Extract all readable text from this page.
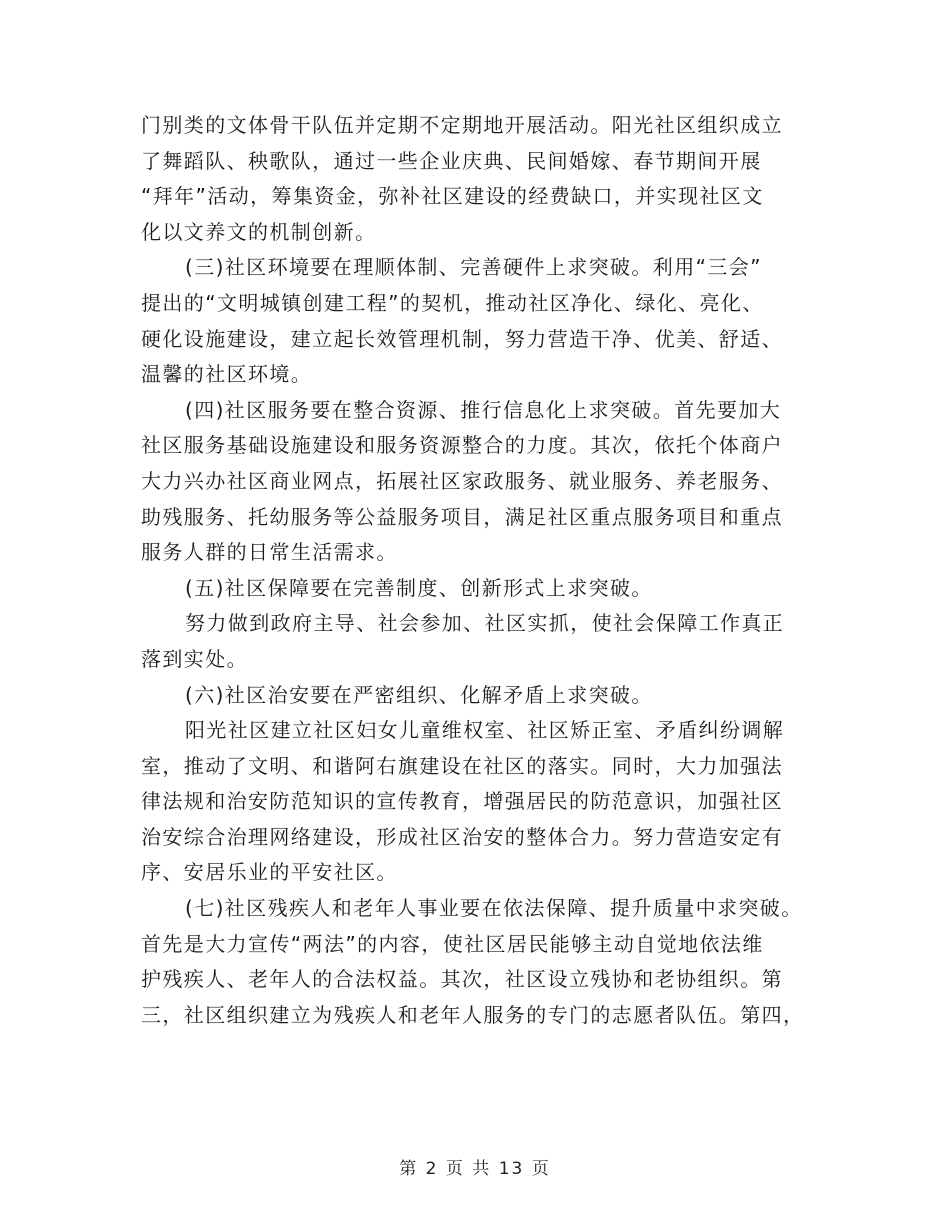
门别类的文体骨干队伍并定期不定期地开展活动。阳光社区组织成立
了舞蹈队、秧歌队，通过一些企业庆典、民间婚嫁、春节期间开展
“拜年”活动，筹集资金，弥补社区建设的经费缺口，并实现社区文
化以文养文的机制创新。
(三)社区环境要在理顺体制、完善硬件上求突破。利用“三会”
提出的“文明城镇创建工程”的契机，推动社区净化、绿化、亮化、
硬化设施建设，建立起长效管理机制，努力营造干净、优美、舒适、
温馨的社区环境。
(四)社区服务要在整合资源、推行信息化上求突破。首先要加大
社区服务基础设施建设和服务资源整合的力度。其次，依托个体商户
大力兴办社区商业网点，拓展社区家政服务、就业服务、养老服务、
助残服务、托幼服务等公益服务项目，满足社区重点服务项目和重点
服务人群的日常生活需求。
(五)社区保障要在完善制度、创新形式上求突破。
努力做到政府主导、社会参加、社区实抓，使社会保障工作真正
落到实处。
(六)社区治安要在严密组织、化解矛盾上求突破。
阳光社区建立社区妇女儿童维权室、社区矫正室、矛盾纠纷调解
室，推动了文明、和谐阿右旗建设在社区的落实。同时，大力加强法
律法规和治安防范知识的宣传教育，增强居民的防范意识，加强社区
治安综合治理网络建设，形成社区治安的整体合力。努力营造安定有
序、安居乐业的平安社区。
(七)社区残疾人和老年人事业要在依法保障、提升质量中求突破。
首先是大力宣传“两法”的内容，使社区居民能够主动自觉地依法维
护残疾人、老年人的合法权益。其次，社区设立残协和老协组织。第
三，社区组织建立为残疾人和老年人服务的专门的志愿者队伍。第四，
第 2 页 共 13 页
